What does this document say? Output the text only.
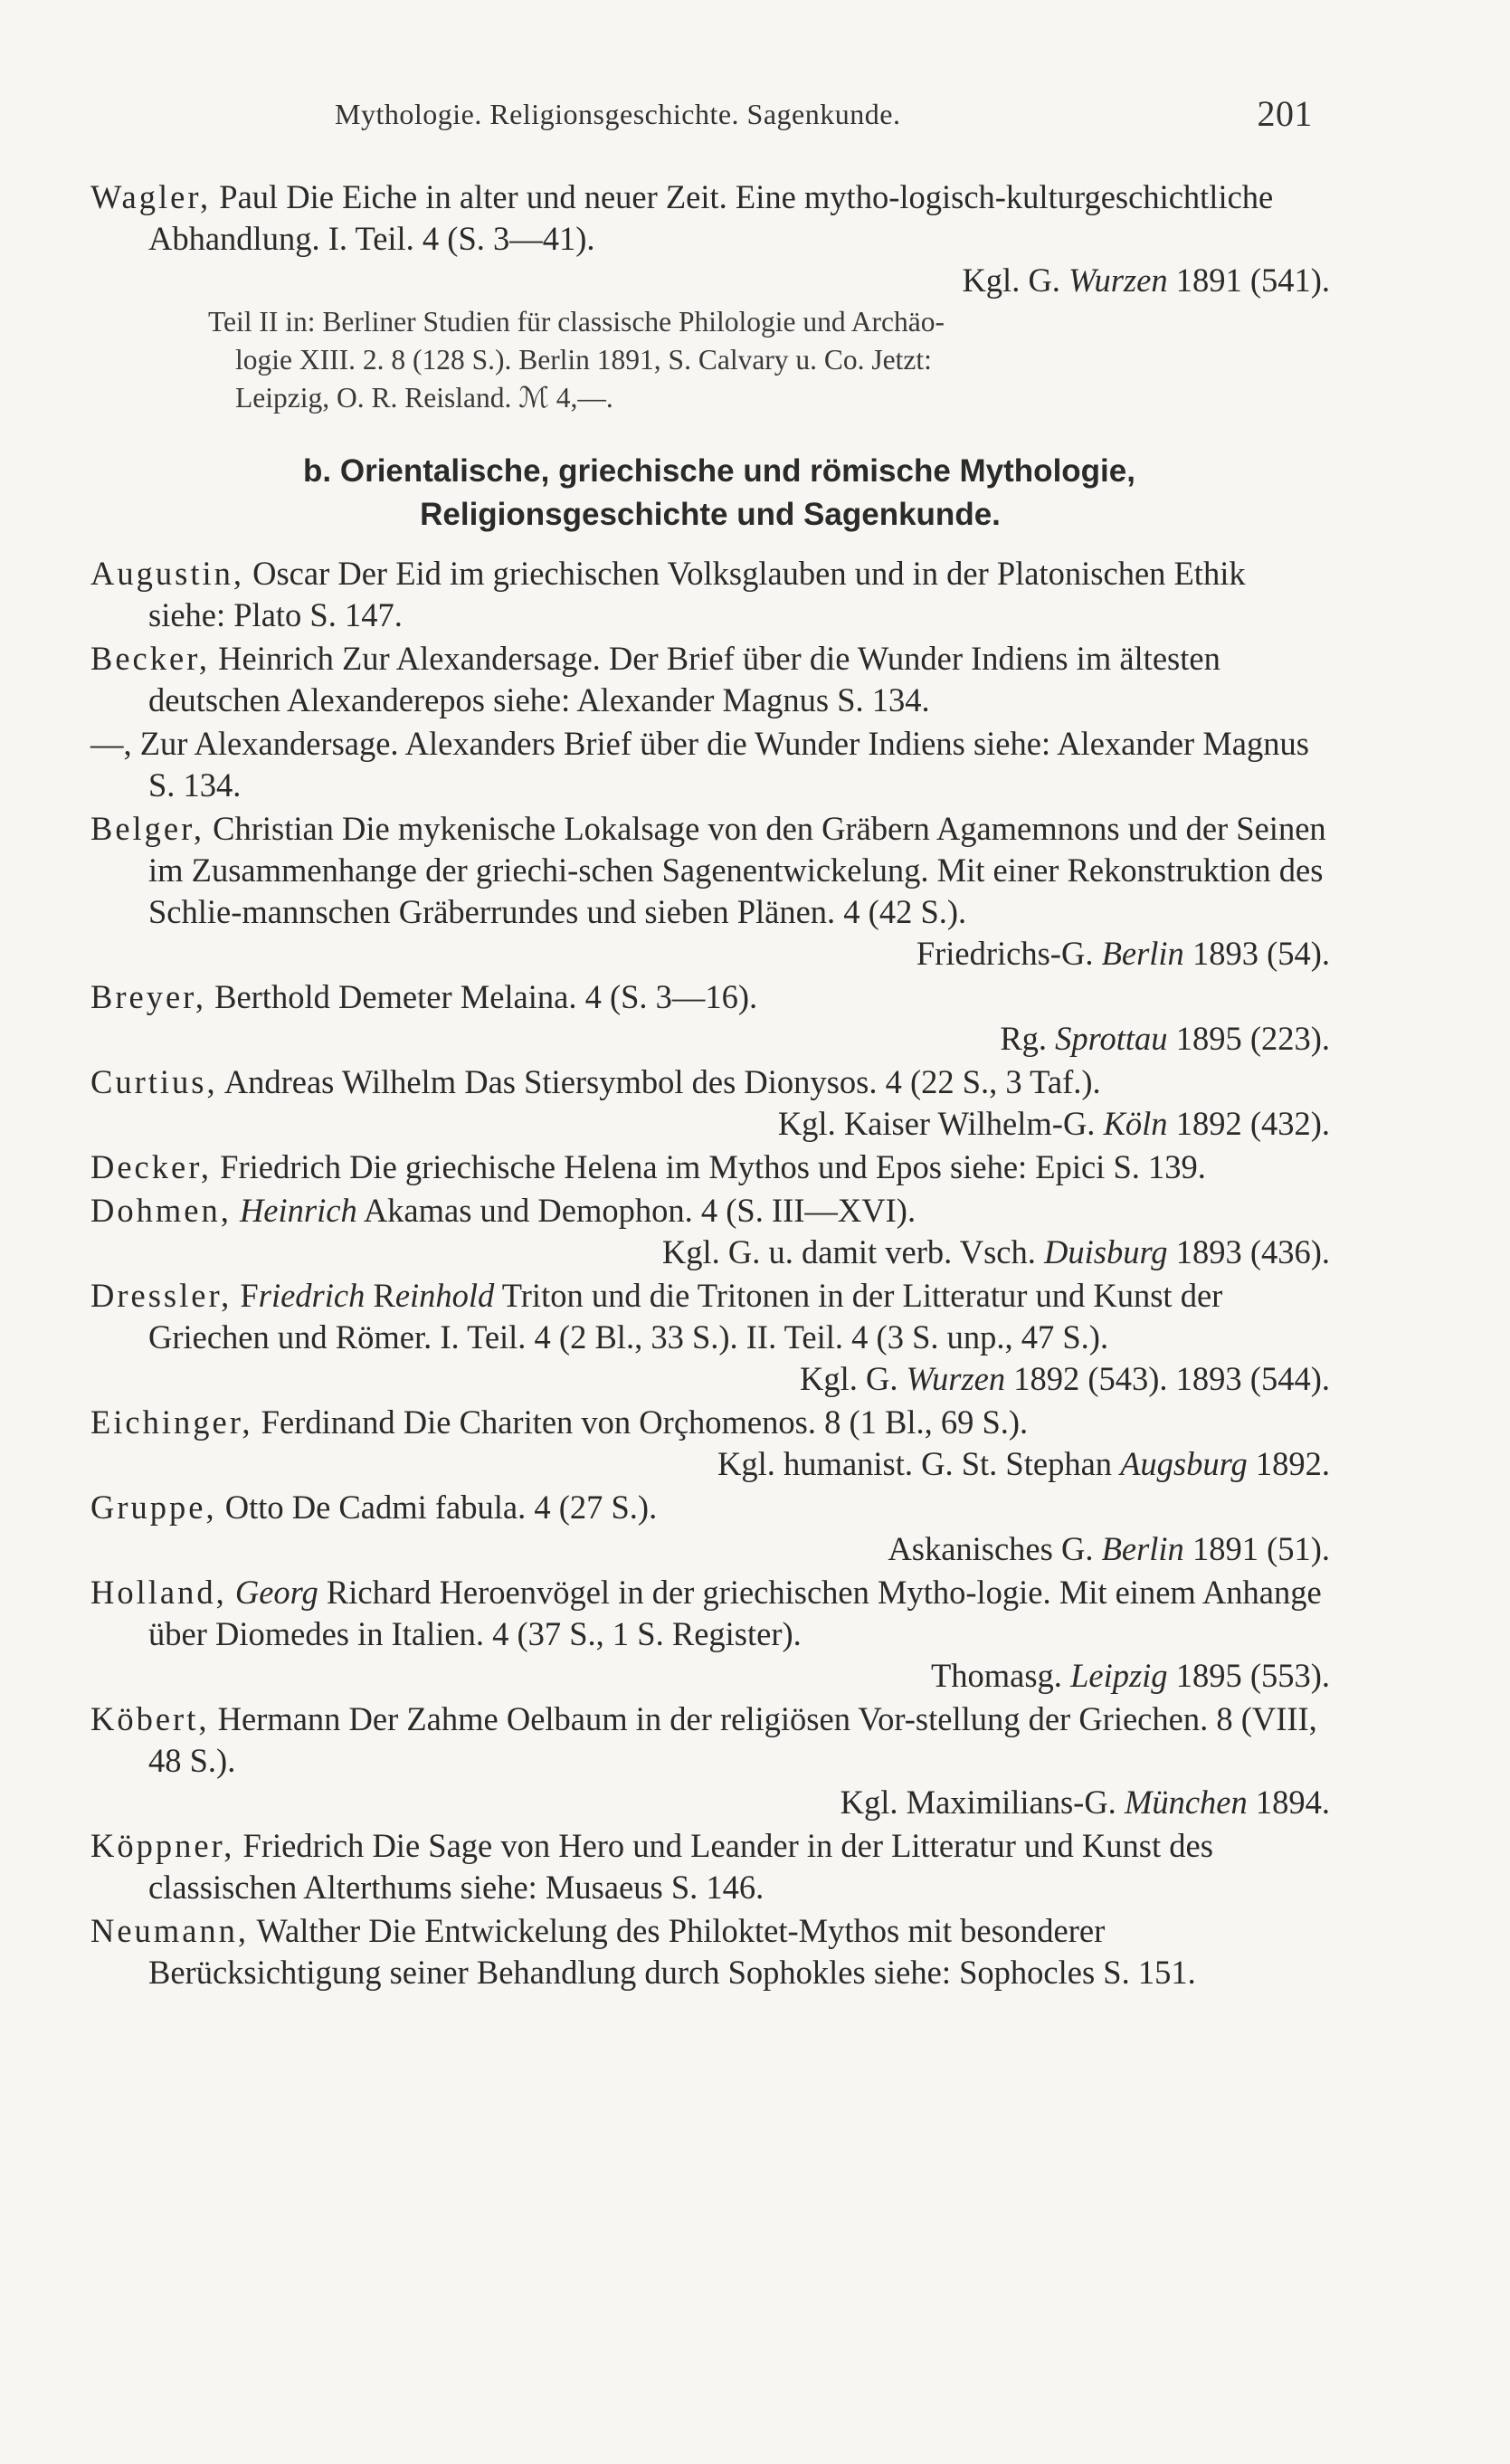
Mythologie. Religionsgeschichte. Sagenkunde.	201
Wagler, Paul Die Eiche in alter und neuer Zeit. Eine mytho-logisch-kulturgeschichtliche Abhandlung. I. Teil. 4 (S. 3—41).
Kgl. G. Wurzen 1891 (541).
Teil II in: Berliner Studien für classische Philologie und Archäo-
logie XIII. 2. 8 (128 S.). Berlin 1891, S. Calvary u. Co. Jetzt:
Leipzig, O. R. Reisland. ℳ 4,—.
b. Orientalische, griechische und römische Mythologie,
Religionsgeschichte und Sagenkunde.
Augustin, Oscar Der Eid im griechischen Volksglauben und in der Platonischen Ethik siehe: Plato S. 147.
Becker, Heinrich Zur Alexandersage. Der Brief über die Wunder Indiens im ältesten deutschen Alexanderepos siehe: Alexander Magnus S. 134.
—, Zur Alexandersage. Alexanders Brief über die Wunder Indiens siehe: Alexander Magnus S. 134.
Belger, Christian Die mykenische Lokalsage von den Gräbern Agamemnons und der Seinen im Zusammenhange der griechi-schen Sagenentwickelung. Mit einer Rekonstruktion des Schlie-mannschen Gräberrundes und sieben Plänen. 4 (42 S.).
Friedrichs-G. Berlin 1893 (54).
Breyer, Berthold Demeter Melaina. 4 (S. 3—16).
Rg. Sprottau 1895 (223).
Curtius, Andreas Wilhelm Das Stiersymbol des Dionysos. 4 (22 S., 3 Taf.).
Kgl. Kaiser Wilhelm-G. Köln 1892 (432).
Decker, Friedrich Die griechische Helena im Mythos und Epos siehe: Epici S. 139.
Dohmen, Heinrich Akamas und Demophon. 4 (S. III—XVI).
Kgl. G. u. damit verb. Vsch. Duisburg 1893 (436).
Dressler, Friedrich Reinhold Triton und die Tritonen in der Litteratur und Kunst der Griechen und Römer. I. Teil. 4 (2 Bl., 33 S.). II. Teil. 4 (3 S. unp., 47 S.).
Kgl. G. Wurzen 1892 (543). 1893 (544).
Eichinger, Ferdinand Die Chariten von Orçhomenos. 8 (1 Bl., 69 S.).
Kgl. humanist. G. St. Stephan Augsburg 1892.
Gruppe, Otto De Cadmi fabula. 4 (27 S.).
Askanisches G. Berlin 1891 (51).
Holland, Georg Richard Heroenvögel in der griechischen Mytho-logie. Mit einem Anhange über Diomedes in Italien. 4 (37 S., 1 S. Register).
Thomasg. Leipzig 1895 (553).
Köbert, Hermann Der Zahme Oelbaum in der religiösen Vor-stellung der Griechen. 8 (VIII, 48 S.).
Kgl. Maximilians-G. München 1894.
Köppner, Friedrich Die Sage von Hero und Leander in der Litteratur und Kunst des classischen Alterthums siehe: Musaeus S. 146.
Neumann, Walther Die Entwickelung des Philoktet-Mythos mit besonderer Berücksichtigung seiner Behandlung durch Sophokles siehe: Sophocles S. 151.
